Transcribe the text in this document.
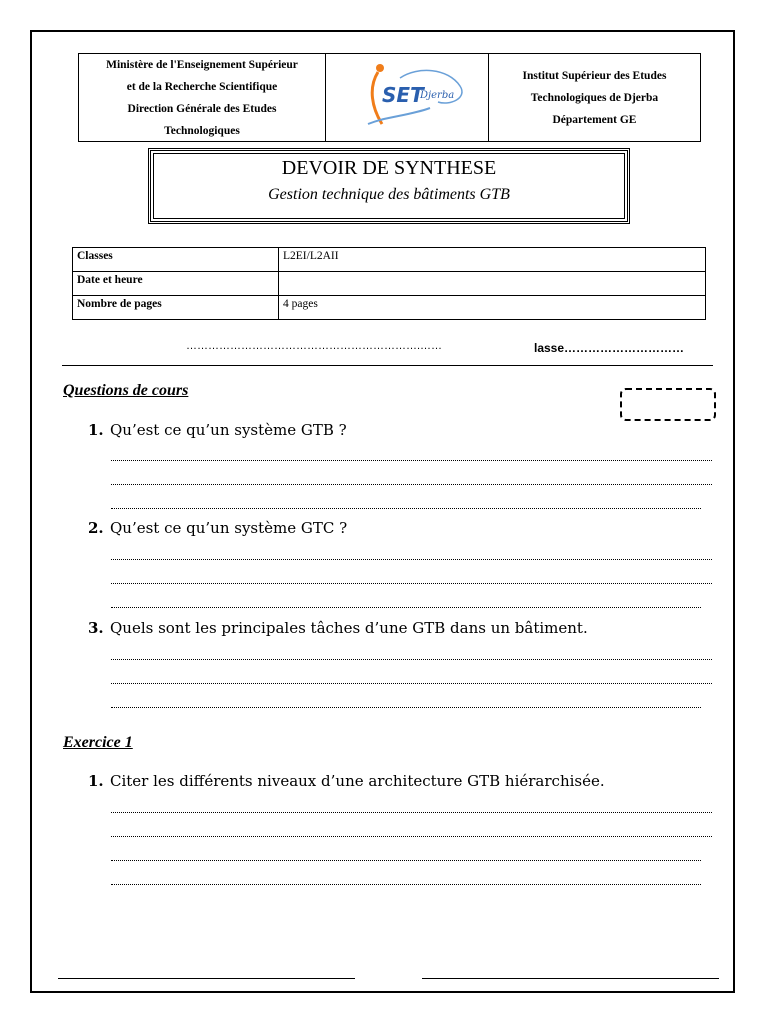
Ministère de l'Enseignement Supérieur
et de la Recherche Scientifique
Direction Générale des Etudes
Technologiques
SET
Djerba
Institut Supérieur des Etudes
Technologiques de Djerba
Département GE
DEVOIR DE SYNTHESE
Gestion technique des bâtiments GTB
Classes	L2EI/L2AII
Date et heure	
Nombre de pages	4 pages
……………………………………………………….……	lasse…………………………
Questions de cours
1. Qu’est ce qu’un système GTB ?
2. Qu’est ce qu’un système GTC ?
3. Quels sont les principales tâches d’une GTB dans un bâtiment.
Exercice 1
1. Citer les différents niveaux d’une architecture GTB hiérarchisée.
